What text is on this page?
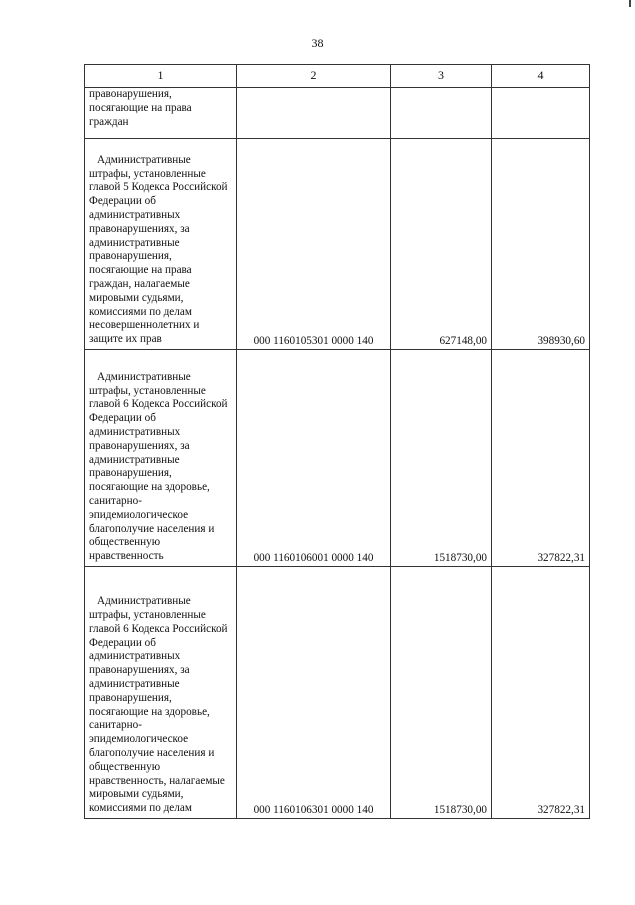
38
1	2	3	4

правонарушения, посягающие на права граждан			

Административные штрафы, установленные главой 5 Кодекса Российской Федерации об административных правонарушениях, за административные правонарушения, посягающие на права граждан, налагаемые мировыми судьями, комиссиями по делам несовершеннолетних и защите их прав	000 1160105301 0000 140	627148,00	398930,60

Административные штрафы, установленные главой 6 Кодекса Российской Федерации об административных правонарушениях, за административные правонарушения, посягающие на здоровье, санитарно-эпидемиологическое благополучие населения и общественную нравственность	000 1160106001 0000 140	1518730,00	327822,31

Административные штрафы, установленные главой 6 Кодекса Российской Федерации об административных правонарушениях, за административные правонарушения, посягающие на здоровье, санитарно-эпидемиологическое благополучие населения и общественную нравственность, налагаемые мировыми судьями, комиссиями по делам	000 1160106301 0000 140	1518730,00	327822,31
